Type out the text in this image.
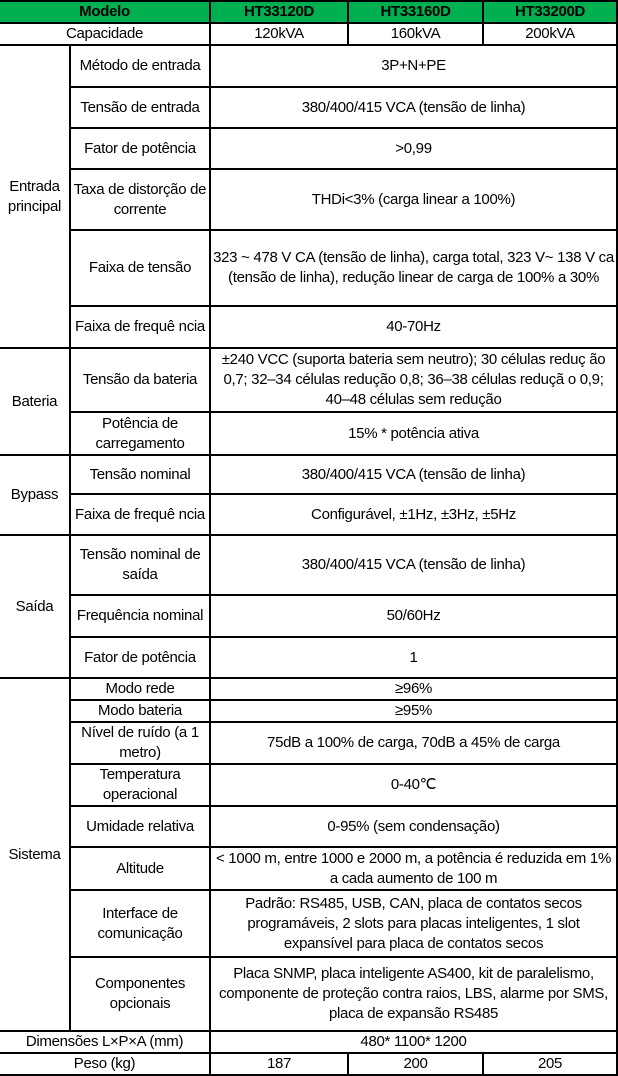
Modelo		HT33120D	HT33160D	HT33200D
Capacidade		120kVA	160kVA	200kVA
Entrada principal	Método de entrada	3P+N+PE		
	Tensão de entrada	380/400/415 VCA (tensão de linha)		
	Fator de potência	>0,99		
	Taxa de distorção de corrente	THDi<3% (carga linear a 100%)		
	Faixa de tensão	323 ~ 478 V CA (tensão de linha), carga total, 323 V~ 138 V ca (tensão de linha), redução linear de carga de 100% a 30%		
	Faixa de frequê ncia	40-70Hz		
Bateria	Tensão da bateria	±240 VCC (suporta bateria sem neutro); 30 células reduç ão 0,7; 32–34 células redução 0,8; 36–38 células reduçã o 0,9; 40–48 células sem redução		
	Potência de carregamento	15% * potência ativa		
Bypass	Tensão nominal	380/400/415 VCA (tensão de linha)		
	Faixa de frequê ncia	Configurável, ±1Hz, ±3Hz, ±5Hz		
Saída	Tensão nominal de saída	380/400/415 VCA (tensão de linha)		
	Frequência nominal	50/60Hz		
	Fator de potência	1		
Sistema	Modo rede	≥96%		
	Modo bateria	≥95%		
	Nível de ruído (a 1 metro)	75dB a 100% de carga, 70dB a 45% de carga		
	Temperatura operacional	0-40℃		
	Umidade relativa	0-95% (sem condensação)		
	Altitude	< 1000 m, entre 1000 e 2000 m, a potência é reduzida em 1% a cada aumento de 100 m		
	Interface de comunicação	Padrão: RS485, USB, CAN, placa de contatos secos programáveis, 2 slots para placas inteligentes, 1 slot expansível para placa de contatos secos		
	Componentes opcionais	Placa SNMP, placa inteligente AS400, kit de paralelismo, componente de proteção contra raios, LBS, alarme por SMS, placa de expansão RS485		
Dimensões L×P×A (mm)		480* 1100* 1200		
Peso (kg)		187	200	205
